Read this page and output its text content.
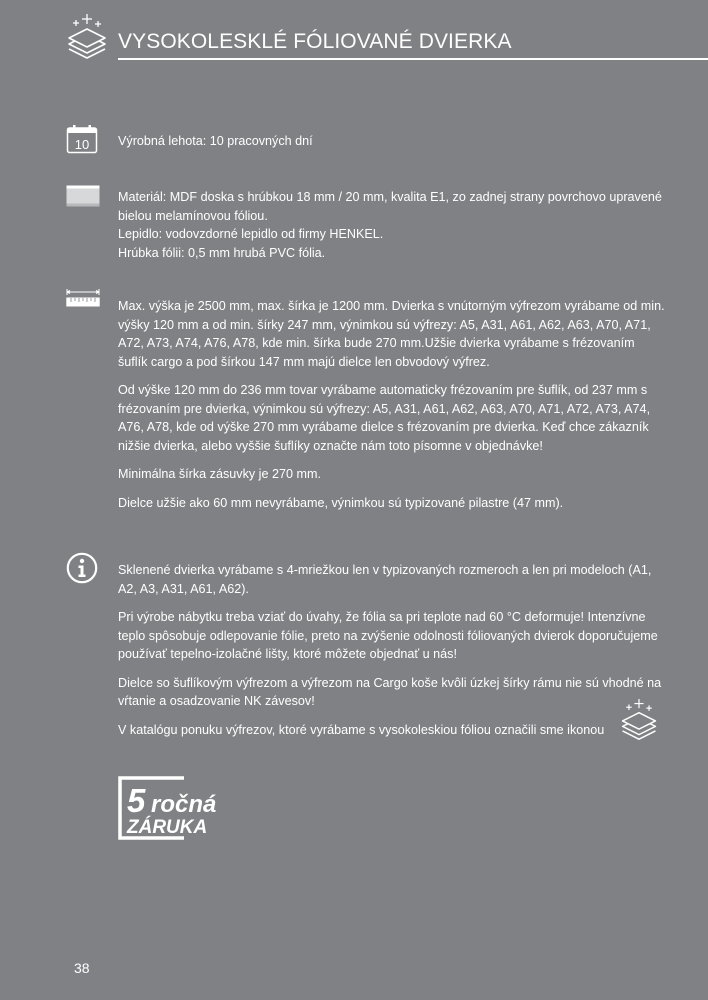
VYSOKOLESKLÉ FÓLIOVANÉ DVIERKA
10 Výrobná lehota: 10 pracovných dní

Materiál: MDF doska s hrúbkou 18 mm / 20 mm, kvalita E1, zo zadnej strany povrchovo upravené bielou melamínovou fóliou.

Lepidlo: vodovzdorné lepidlo od firmy HENKEL.

Hrúbka fólii: 0,5 mm hrubá PVC fólia.

Max. výška je 2500 mm, max. šírka je 1200 mm. Dvierka s vnútorným výfrezom vyrábame od min. výšky 120 mm a od min. šírky 247 mm, výnimkou sú výfrezy: A5, A31, A61, A62, A63, A70, A71, A72, A73, A74, A76, A78, kde min. šírka bude 270 mm.Užšie dvierka vyrábame s frézovaním šuflík cargo a pod šírkou 147 mm majú dielce len obvodový výfrez.

Od výške 120 mm do 236 mm tovar vyrábame automaticky frézovaním pre šuflík, od 237 mm s frézovaním pre dvierka, výnimkou sú výfrezy: A5, A31, A61, A62, A63, A70, A71, A72, A73, A74, A76, A78, kde od výške 270 mm vyrábame dielce s frézovaním pre dvierka. Keď chce zákazník nižšie dvierka, alebo vyššie šuflíky označte nám toto písomne v objednávke!

Minimálna šírka zásuvky je 270 mm.

Dielce užšie ako 60 mm nevyrábame, výnimkou sú typizované pilastre (47 mm).

Sklenené dvierka vyrábame s 4-mriežkou len v typizovaných rozmeroch a len pri modeloch (A1, A2, A3, A31, A61, A62).

Pri výrobe nábytku treba vziať do úvahy, že fólia sa pri teplote nad 60 °C deformuje! Intenzívne teplo spôsobuje odlepovanie fólie, preto na zvýšenie odolnosti fóliovaných dvierok doporučujeme používať tepelno-izolačné lišty, ktoré môžete objednať u nás!

Dielce so šuflíkovým výfrezom a výfrezom na Cargo koše kvôli úzkej šírky rámu nie sú vhodné na vŕtanie a osadzovanie NK závesov!

V katalógu ponuku výfrezov, ktoré vyrábame s vysokoleskiou fóliou označili sme ikonou

5 ročná
ZÁRUKA
38
